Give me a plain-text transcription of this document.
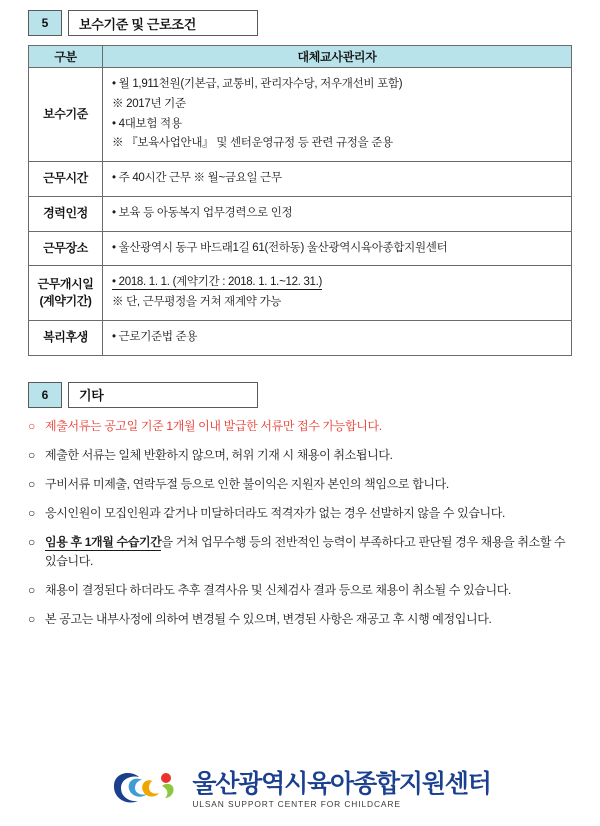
5	보수기준 및 근로조건
구분	대체교사관리자
보수기준	• 월 1,911천원(기본급, 교통비, 관리자수당, 저우개선비 포함)
※ 2017년 기준
• 4대보험 적용
※ 『보육사업안내』 및 센터운영규정 등 관련 규정을 준용

근무시간	• 주 40시간 근무 ※ 월~금요일 근무

경력인정	• 보육 등 아동복지 업무경력으로 인정

근무장소	• 울산광역시 동구 바드래1길 61(전하동) 울산광역시육아종합지원센터

근무개시일
(계약기간)	• 2018. 1. 1. (계약기간 : 2018. 1. 1.~12. 31.)
※ 단, 근무평정을 거쳐 재계약 가능

복리후생	• 근로기준법 준용
6	기타
○ 제출서류는 공고일 기준 1개월 이내 발급한 서류만 접수 가능합니다.
○ 제출한 서류는 일체 반환하지 않으며, 허위 기재 시 채용이 취소됩니다.
○ 구비서류 미제출, 연락두절 등으로 인한 불이익은 지원자 본인의 책임으로 합니다.
○ 응시인원이 모집인원과 같거나 미달하더라도 적격자가 없는 경우 선발하지 않을 수 있습니다.
○ 임용 후 1개월 수습기간을 거쳐 업무수행 등의 전반적인 능력이 부족하다고 판단될 경우 채용을 취소할 수 있습니다.
○ 채용이 결정된다 하더라도 추후 결격사유 및 신체검사 결과 등으로 채용이 취소될 수 있습니다.
○ 본 공고는 내부사정에 의하여 변경될 수 있으며, 변경된 사항은 재공고 후 시행 예정입니다.
울산광역시육아종합지원센터
ULSAN SUPPORT CENTER FOR CHILDCARE
